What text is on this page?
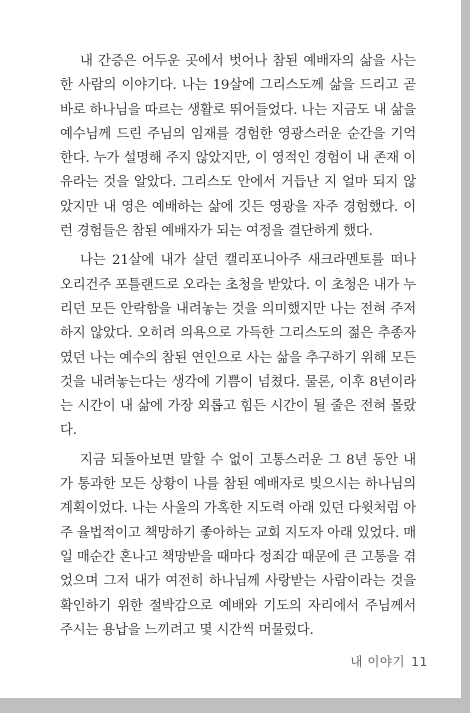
내 간증은 어두운 곳에서 벗어나 참된 예배자의 삶을 사는 한 사람의 이야기다. 나는 19살에 그리스도께 삶을 드리고 곧바로 하나님을 따르는 생활로 뛰어들었다. 나는 지금도 내 삶을 예수님께 드린 주님의 임재를 경험한 영광스러운 순간을 기억한다. 누가 설명해 주지 않았지만, 이 영적인 경험이 내 존재 이유라는 것을 알았다. 그리스도 안에서 거듭난 지 얼마 되지 않았지만 내 영은 예배하는 삶에 깃든 영광을 자주 경험했다. 이런 경험들은 참된 예배자가 되는 여정을 결단하게 했다.

나는 21살에 내가 살던 캘리포니아주 새크라멘토를 떠나 오리건주 포틀랜드로 오라는 초청을 받았다. 이 초청은 내가 누리던 모든 안락함을 내려놓는 것을 의미했지만 나는 전혀 주저하지 않았다. 오히려 의욕으로 가득한 그리스도의 젊은 추종자였던 나는 예수의 참된 연인으로 사는 삶을 추구하기 위해 모든 것을 내려놓는다는 생각에 기쁨이 넘쳤다. 물론, 이후 8년이라는 시간이 내 삶에 가장 외롭고 힘든 시간이 될 줄은 전혀 몰랐다.

지금 되돌아보면 말할 수 없이 고통스러운 그 8년 동안 내가 통과한 모든 상황이 나를 참된 예배자로 빚으시는 하나님의 계획이었다. 나는 사울의 가혹한 지도력 아래 있던 다윗처럼 아주 율법적이고 책망하기 좋아하는 교회 지도자 아래 있었다. 매일 매순간 혼나고 책망받을 때마다 정죄감 때문에 큰 고통을 겪었으며 그저 내가 여전히 하나님께 사랑받는 사람이라는 것을 확인하기 위한 절박감으로 예배와 기도의 자리에서 주님께서 주시는 용납을 느끼려고 몇 시간씩 머물렀다.

내 이야기 11
